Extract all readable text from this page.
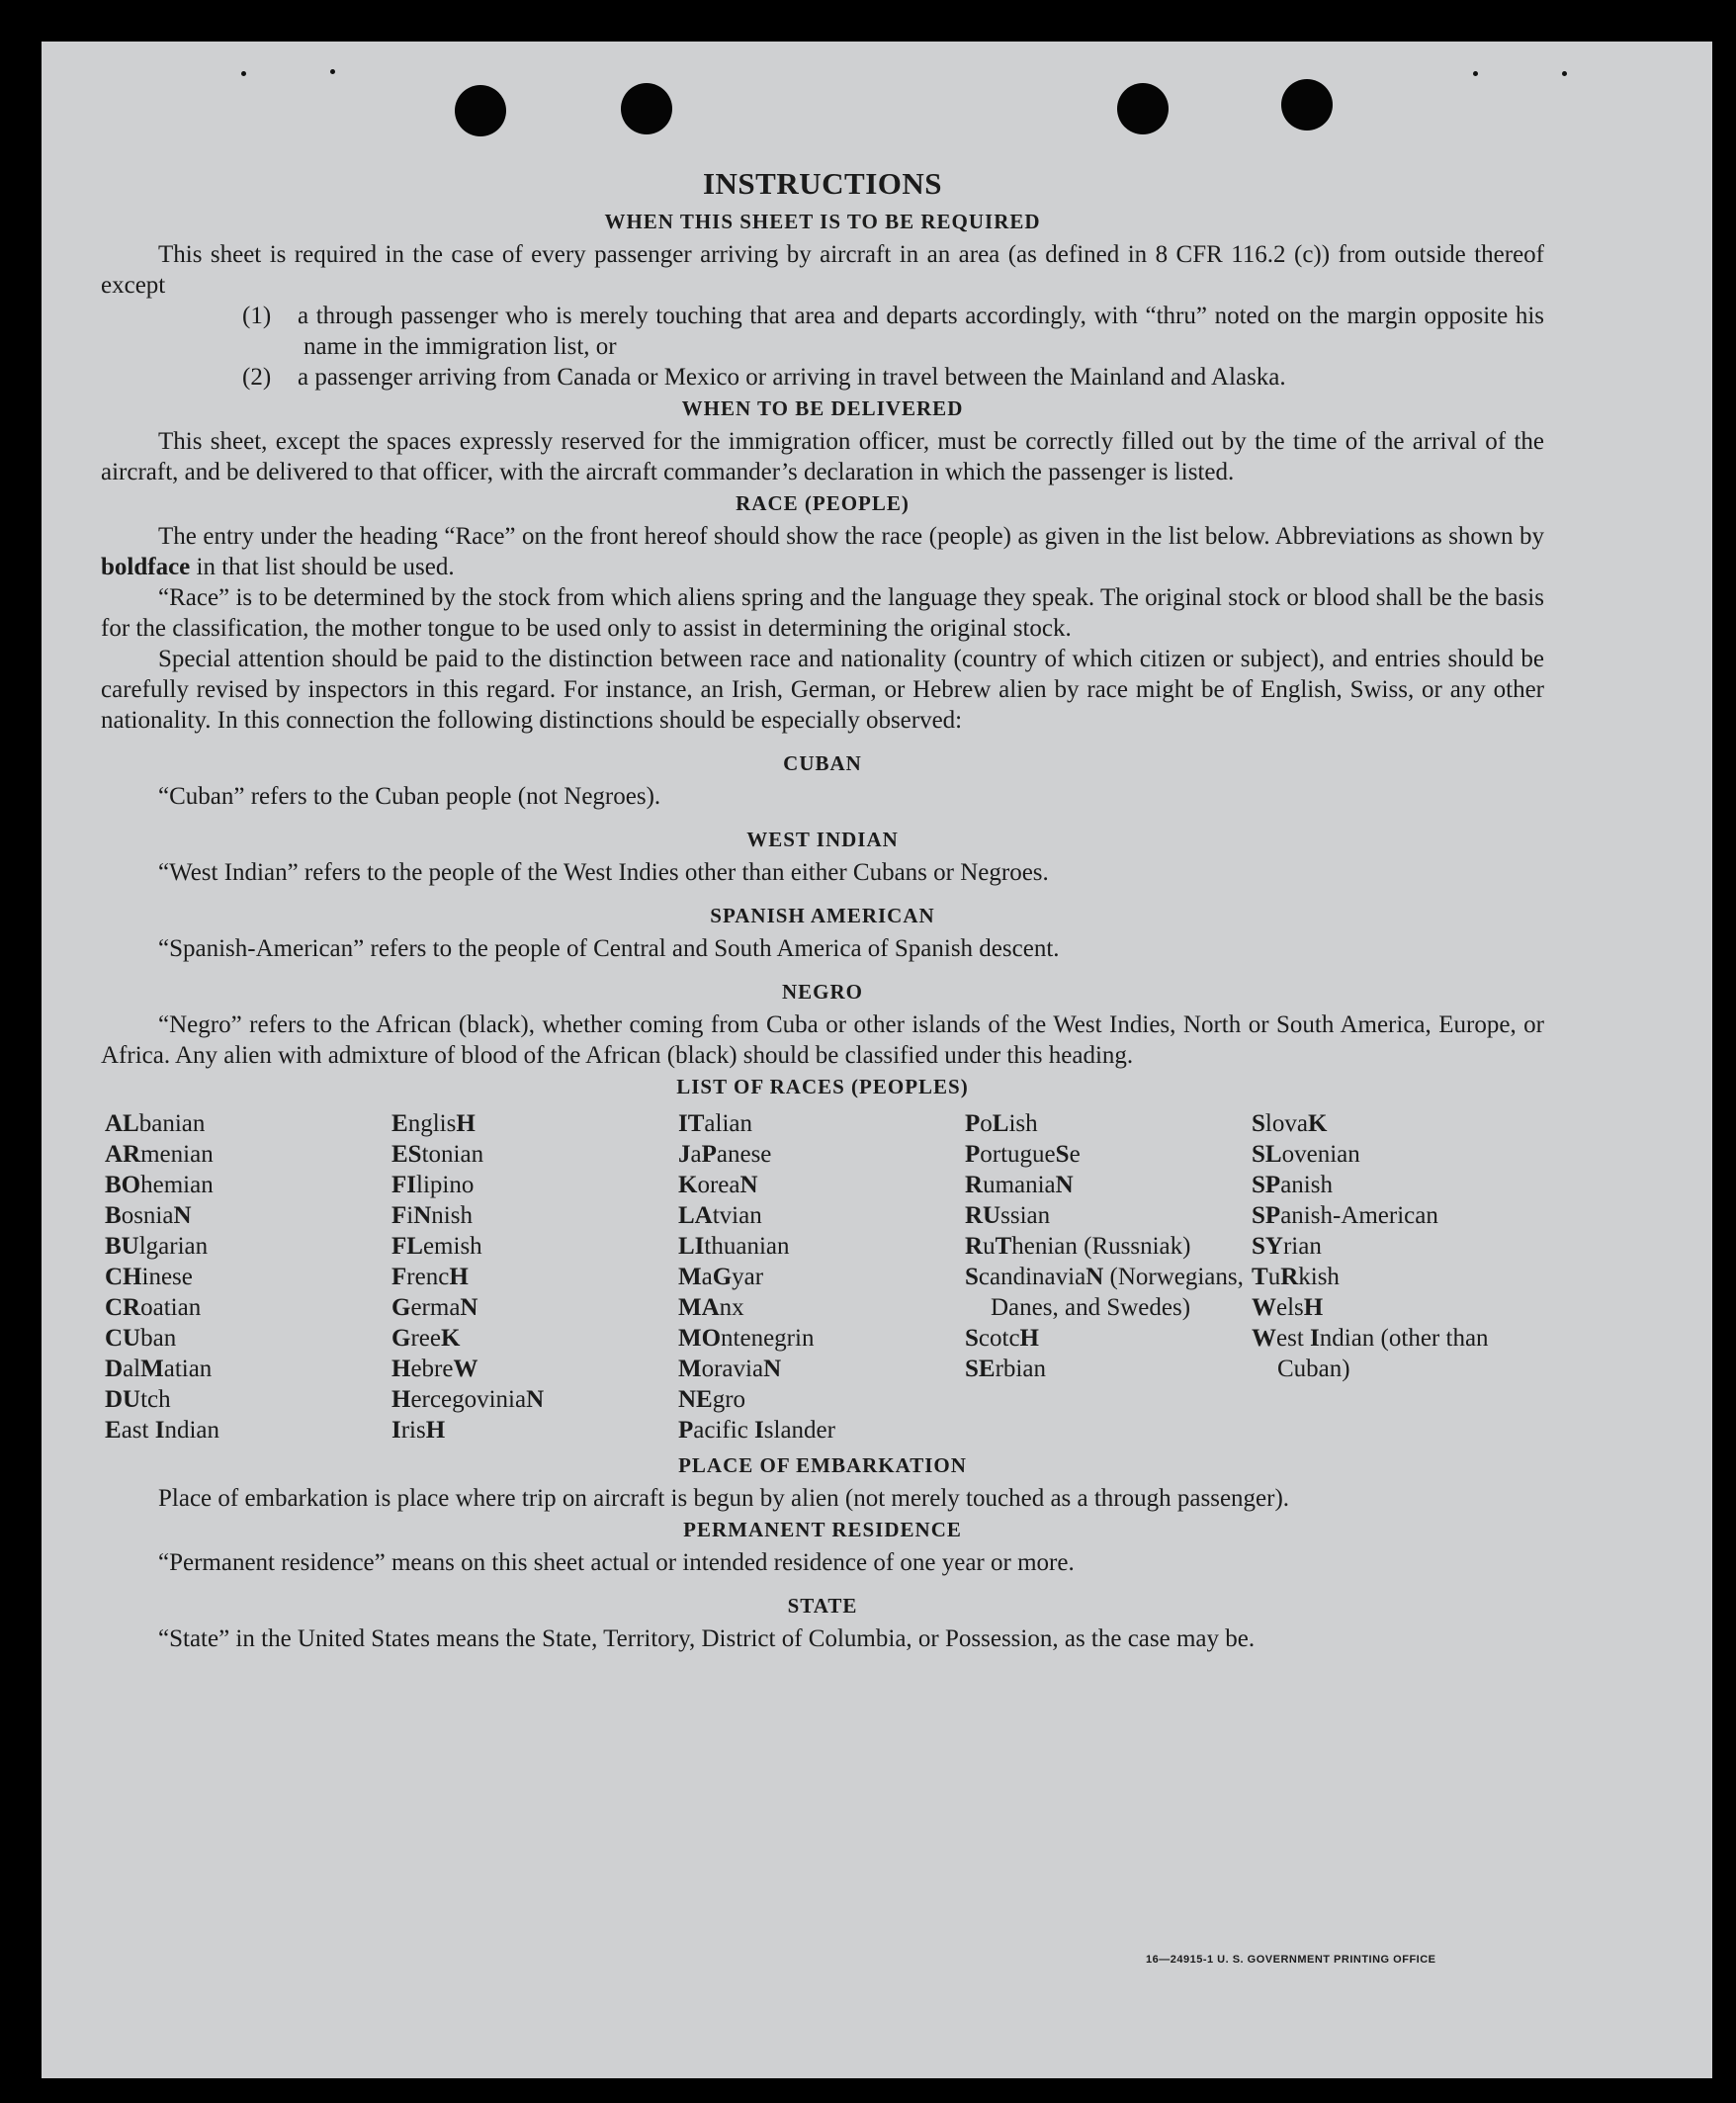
INSTRUCTIONS
WHEN THIS SHEET IS TO BE REQUIRED

This sheet is required in the case of every passenger arriving by aircraft in an area (as defined in 8 CFR 116.2 (c)) from outside thereof except

(1) a through passenger who is merely touching that area and departs accordingly, with “thru” noted on the margin opposite his name in the immigration list, or
(2) a passenger arriving from Canada or Mexico or arriving in travel between the Mainland and Alaska.
WHEN TO BE DELIVERED

This sheet, except the spaces expressly reserved for the immigration officer, must be correctly filled out by the time of the arrival of the aircraft, and be delivered to that officer, with the aircraft commander’s declaration in which the passenger is listed.

RACE (PEOPLE)

The entry under the heading “Race” on the front hereof should show the race (people) as given in the list below. Abbreviations as shown by boldface in that list should be used.

“Race” is to be determined by the stock from which aliens spring and the language they speak. The original stock or blood shall be the basis for the classification, the mother tongue to be used only to assist in determining the original stock.

Special attention should be paid to the distinction between race and nationality (country of which citizen or subject), and entries should be carefully revised by inspectors in this regard. For instance, an Irish, German, or Hebrew alien by race might be of English, Swiss, or any other nationality. In this connection the following distinctions should be especially observed:

CUBAN

“Cuban” refers to the Cuban people (not Negroes).

WEST INDIAN

“West Indian” refers to the people of the West Indies other than either Cubans or Negroes.

SPANISH AMERICAN

“Spanish-American” refers to the people of Central and South America of Spanish descent.

NEGRO

“Negro” refers to the African (black), whether coming from Cuba or other islands of the West Indies, North or South America, Europe, or Africa. Any alien with admixture of blood of the African (black) should be classified under this heading.

LIST OF RACES (PEOPLES)
ALbanian
ARmenian
BOhemian
BosniaN
BUlgarian
CHinese
CRoatian
CUban
DalMatian
DUtch
East Indian
EnglisH
EStonian
FIlipino
FiNnish
FLemish
FrencH
GermaN
GreeK
HebreW
HercegoviniaN
IrisH
ITalian
JaPanese
KoreaN
LAtvian
LIthuanian
MaGyar
MAnx
MOntenegrin
MoraviaN
NEgro
Pacific Islander
PoLish
PortugueSe
RumaniaN
RUssian
RuThenian (Russniak)
ScandinaviaN (Norwegians, Danes, and Swedes)
ScotcH
SErbian
SlovaK
SLovenian
SPanish
SPanish-American
SYrian
TuRkish
WelsH
West Indian (other than Cuban)
PLACE OF EMBARKATION

Place of embarkation is place where trip on aircraft is begun by alien (not merely touched as a through passenger).

PERMANENT RESIDENCE

“Permanent residence” means on this sheet actual or intended residence of one year or more.

STATE

“State” in the United States means the State, Territory, District of Columbia, or Possession, as the case may be.

16—24915-1 U. S. GOVERNMENT PRINTING OFFICE
